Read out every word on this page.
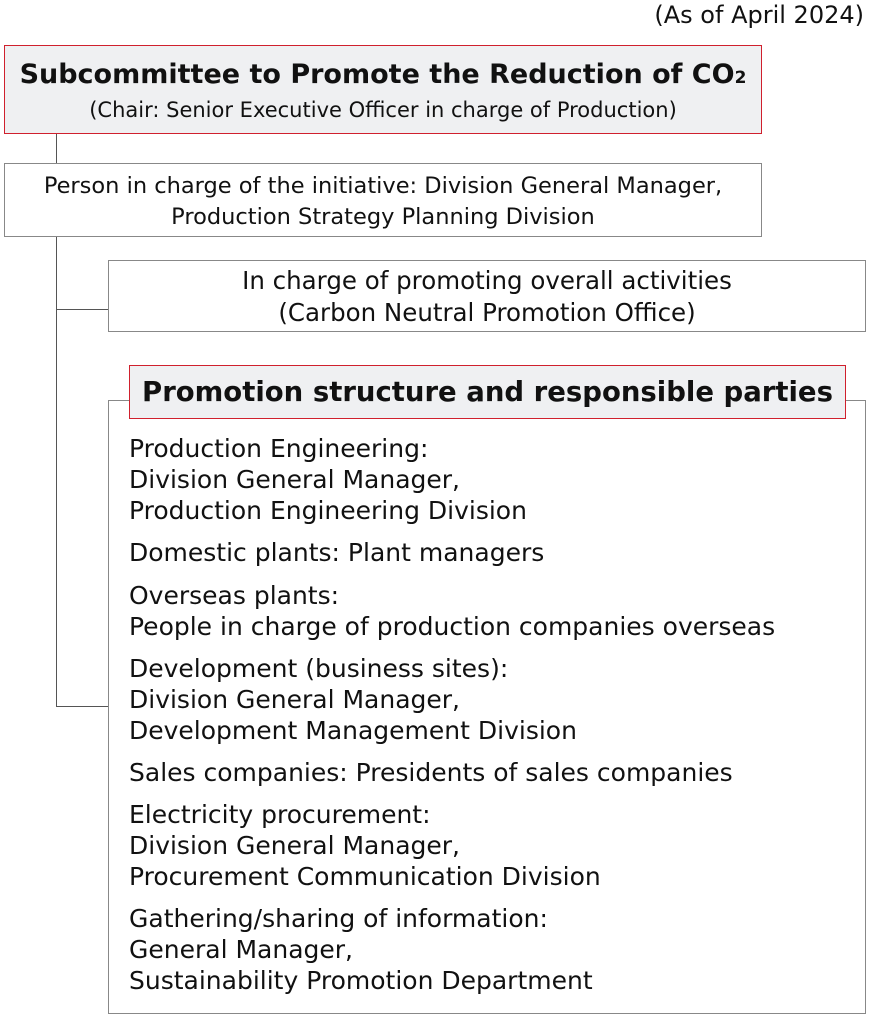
(As of April 2024)
Subcommittee to Promote the Reduction of CO2
(Chair: Senior Executive Officer in charge of Production)
Person in charge of the initiative: Division General Manager,
Production Strategy Planning Division
In charge of promoting overall activities
(Carbon Neutral Promotion Office)
Promotion structure and responsible parties
Production Engineering:
Division General Manager,
Production Engineering Division
Domestic plants: Plant managers
Overseas plants:
People in charge of production companies overseas
Development (business sites):
Division General Manager,
Development Management Division
Sales companies: Presidents of sales companies
Electricity procurement:
Division General Manager,
Procurement Communication Division
Gathering/sharing of information:
General Manager,
Sustainability Promotion Department
